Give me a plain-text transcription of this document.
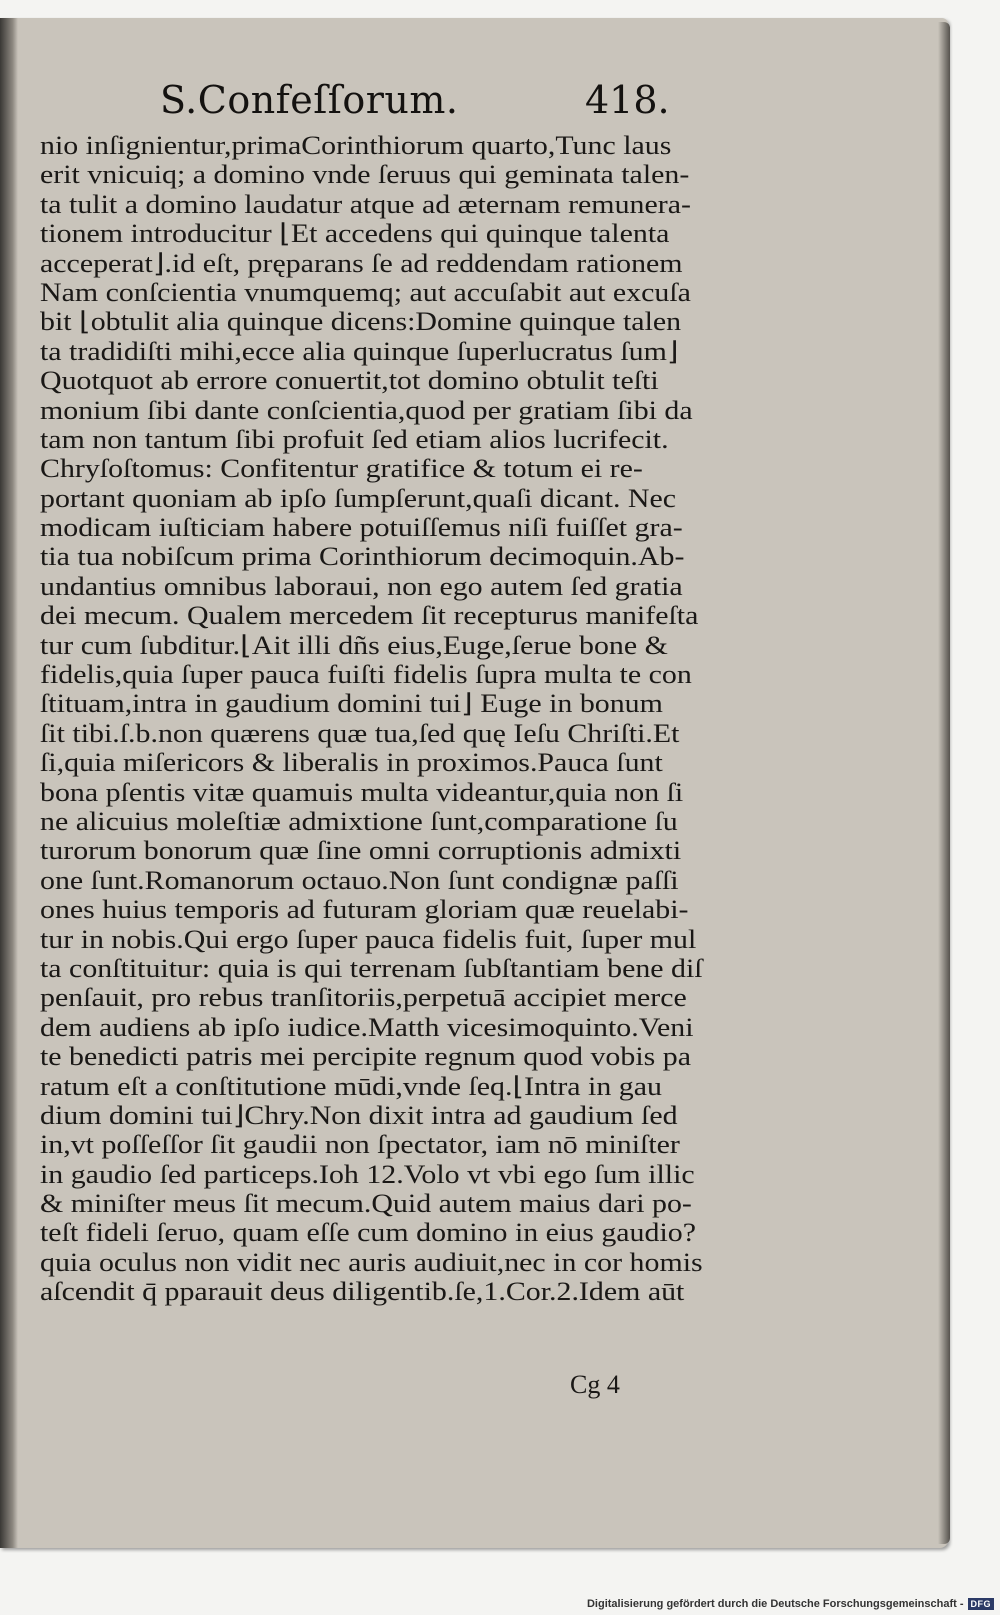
S.Confeſſorum.	418.
nio inſignientur,primaCorinthiorum quarto,Tunc laus
erit vnicuiq; a domino vnde ſeruus qui geminata talen-
ta tulit a domino laudatur atque ad æternam remunera-
tionem introducitur ⌊Et accedens qui quinque talenta
acceperat⌋.id eſt, pręparans ſe ad reddendam rationem
Nam conſcientia vnumquemq; aut accuſabit aut excuſa
bit ⌊obtulit alia quinque dicens:Domine quinque talen
ta tradidiſti mihi,ecce alia quinque ſuperlucratus ſum⌋
Quotquot ab errore conuertit,tot domino obtulit teſti
monium ſibi dante conſcientia,quod per gratiam ſibi da
tam non tantum ſibi profuit ſed etiam alios lucrifecit.
Chryſoſtomus: Confitentur gratifice & totum ei re-
portant quoniam ab ipſo ſumpſerunt,quaſi dicant. Nec
modicam iuſticiam habere potuiſſemus niſi fuiſſet gra-
tia tua nobiſcum prima Corinthiorum decimoquin.Ab-
undantius omnibus laboraui, non ego autem ſed gratia
dei mecum. Qualem mercedem ſit recepturus manifeſta
tur cum ſubditur.⌊Ait illi dñs eius,Euge,ſerue bone &
fidelis,quia ſuper pauca fuiſti fidelis ſupra multa te con
ſtituam,intra in gaudium domini tui⌋ Euge in bonum
ſit tibi.ſ.b.non quærens quæ tua,ſed quę Ieſu Chriſti.Et
ſi,quia miſericors & liberalis in proximos.Pauca ſunt
bona pſentis vitæ quamuis multa videantur,quia non ſi
ne alicuius moleſtiæ admixtione ſunt,comparatione ſu
turorum bonorum quæ ſine omni corruptionis admixti
one ſunt.Romanorum octauo.Non ſunt condignæ paſſi
ones huius temporis ad futuram gloriam quæ reuelabi-
tur in nobis.Qui ergo ſuper pauca fidelis fuit, ſuper mul
ta conſtituitur: quia is qui terrenam ſubſtantiam bene diſ
penſauit, pro rebus tranſitoriis,perpetuā accipiet merce
dem audiens ab ipſo iudice.Matth vicesimoquinto.Veni
te benedicti patris mei percipite regnum quod vobis pa
ratum eſt a conſtitutione mūdi,vnde ſeq.⌊Intra in gau
dium domini tui⌋Chry.Non dixit intra ad gaudium ſed
in,vt poſſeſſor ſit gaudii non ſpectator, iam nō miniſter
in gaudio ſed particeps.Ioh 12.Volo vt vbi ego ſum illic
& miniſter meus ſit mecum.Quid autem maius dari po-
teſt fideli ſeruo, quam eſſe cum domino in eius gaudio?
quia oculus non vidit nec auris audiuit,nec in cor homis
aſcendit q̄ pparauit deus diligentib.ſe,1.Cor.2.Idem aūt
Cg 4
Digitalisierung gefördert durch die Deutsche Forschungsgemeinschaft - DFG
